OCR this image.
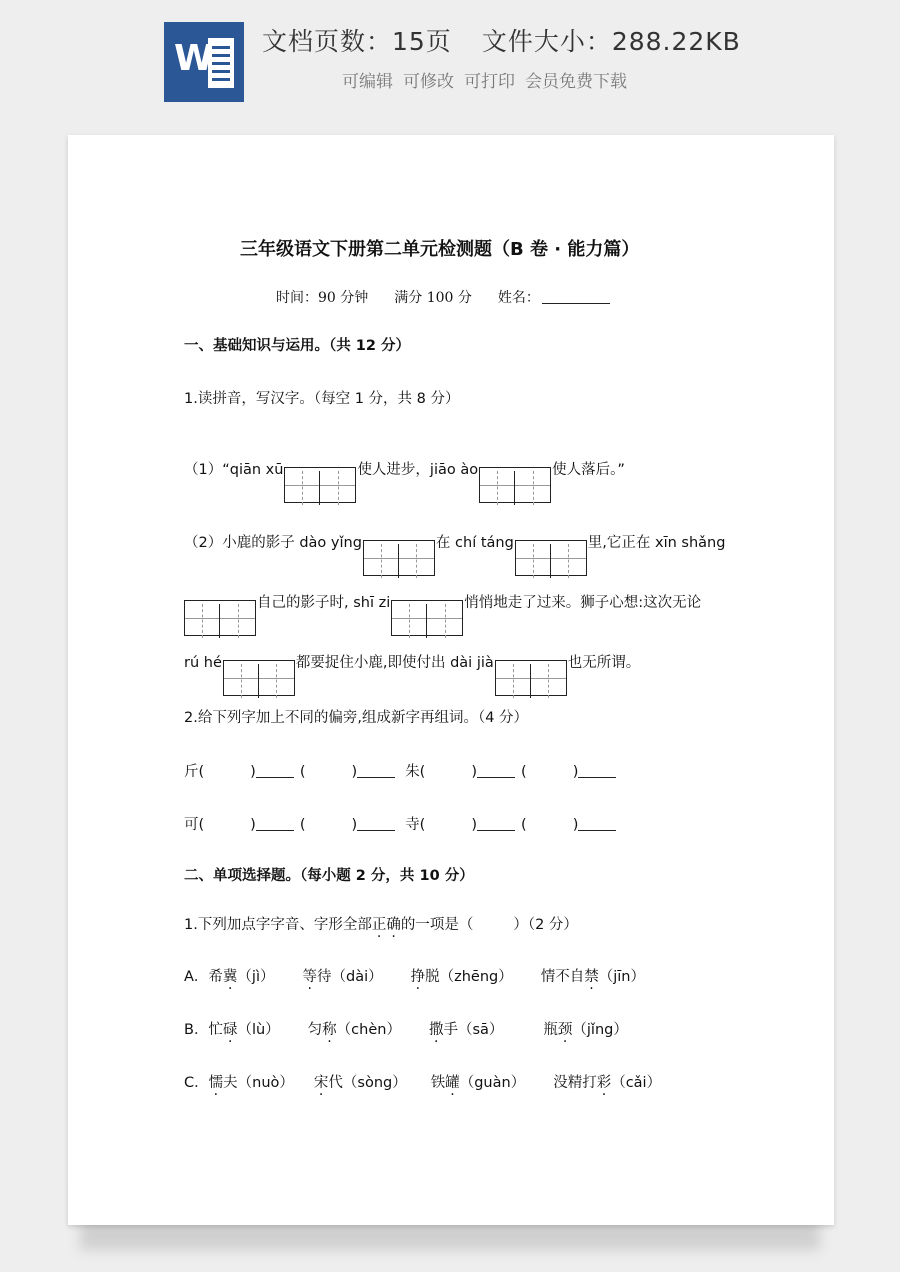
W 文档页数：15页 文件大小：288.22KB
可编辑 可修改 可打印 会员免费下载
三年级语文下册第二单元检测题（B 卷 · 能力篇）
时间：90 分钟 满分 100 分 姓名：
一、基础知识与运用。（共 12 分）
1.读拼音，写汉字。（每空 1 分，共 8 分）
（1）“qiān xū	使人进步，jiāo ào	使人落后。”
（2）小鹿的影子 dào yǐng	在 chí táng	里,它正在 xīn shǎng
自己的影子时, shī zi	悄悄地走了过来。狮子心想:这次无论
rú hé	都要捉住小鹿,即使付出 dài jià	也无所谓。
2.给下列字加上不同的偏旁,组成新字再组词。（4 分）
斤(	)	(	)	朱(	)	(	)
可(	)	(	)	寺(	)	(	)
二、单项选择题。（每小题 2 分，共 10 分）
1.下列加点字字音、字形全部正确的一项是（	）（2 分）
A．希冀（jì） 等待（dài） 挣脱（zhēng） 情不自禁（jīn）
B．忙碌（lù） 匀称（chèn） 撒手（sā）	瓶颈（jǐng）
C．懦夫（nuò） 宋代（sòng） 铁罐（guàn） 没精打彩（cǎi）
